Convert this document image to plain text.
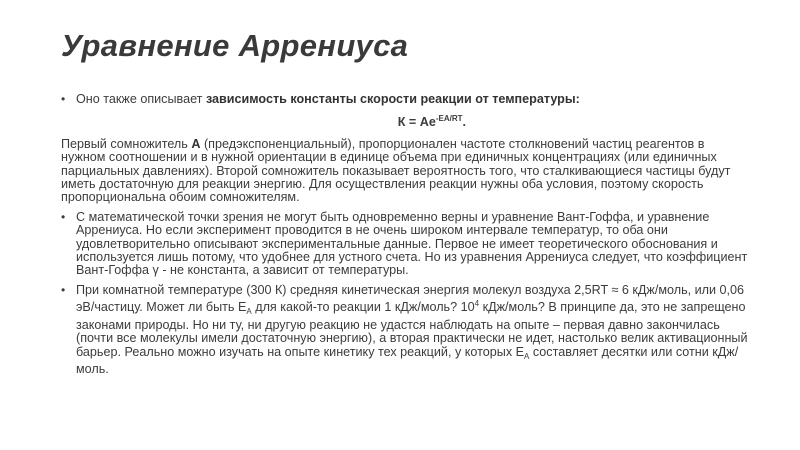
Уравнение Аррениуса
• Оно также описывает зависимость константы скорости реакции от температуры:
$К = Ae^{-EA/RT}$.
Первый сомножитель А (предэкспоненциальный), пропорционален частоте столкновений частиц реагентов в нужном соотношении и в нужной ориентации в единице объема при единичных концентрациях (или единичных парциальных давлениях). Второй сомножитель показывает вероятность того, что сталкивающиеся частицы будут иметь достаточную для реакции энергию. Для осуществления реакции нужны оба условия, поэтому скорость пропорциональна обоим сомножителям.
• С математической точки зрения не могут быть одновременно верны и уравнение Вант-Гоффа, и уравнение Аррениуса. Но если эксперимент проводится в не очень широком интервале температур, то оба они удовлетворительно описывают экспериментальные данные. Первое не имеет теоретического обоснования и используется лишь потому, что удобнее для устного счета. Но из уравнения Аррениуса следует, что коэффициент Вант-Гоффа γ - не константа, а зависит от температуры.
• При комнатной температуре (300 К) средняя кинетическая энергия молекул воздуха 2,5RT ≈ 6 кДж/моль, или 0,06 эВ/частицу. Может ли быть $Е_А$ для какой-то реакции 1 кДж/моль? $10^4$ кДж/моль? В принципе да, это не запрещено законами природы. Но ни ту, ни другую реакцию не удастся наблюдать на опыте – первая давно закончилась (почти все молекулы имели достаточную энергию), а вторая практически не идет, настолько велик активационный барьер. Реально можно изучать на опыте кинетику тех реакций, у которых $Е_А$ составляет десятки или сотни кДж/моль.
